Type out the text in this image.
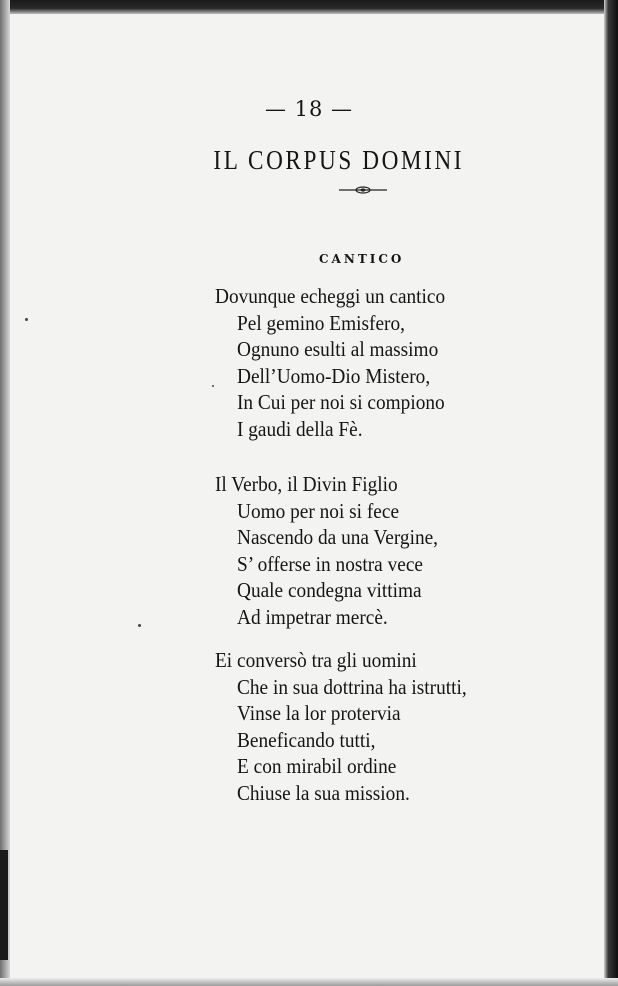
— 18 —
IL CORPUS DOMINI
CANTICO
Dovunque echeggi un cantico
Pel gemino Emisfero,
Ognuno esulti al massimo
Dell’Uomo-Dio Mistero,
In Cui per noi si compiono
I gaudi della Fè.
Il Verbo, il Divin Figlio
Uomo per noi si fece
Nascendo da una Vergine,
S’ offerse in nostra vece
Quale condegna vittima
Ad impetrar mercè.
Ei conversò tra gli uomini
Che in sua dottrina ha istrutti,
Vinse la lor protervia
Beneficando tutti,
E con mirabil ordine
Chiuse la sua mission.
